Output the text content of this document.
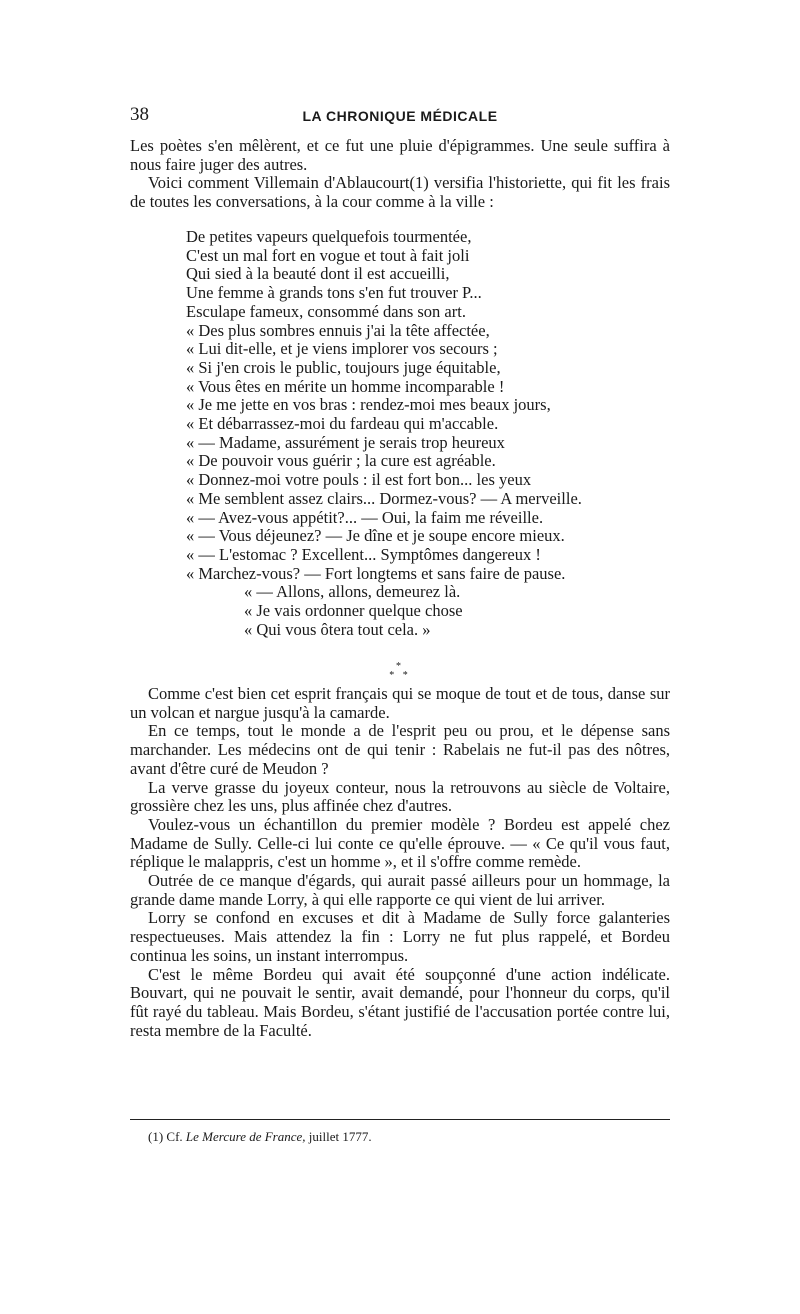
38	LA CHRONIQUE MÉDICALE

Les poètes s'en mêlèrent, et ce fut une pluie d'épigrammes. Une seule suffira à nous faire juger des autres.

Voici comment Villemain d'Ablaucourt(1) versifia l'historiette, qui fit les frais de toutes les conversations, à la cour comme à la ville :

De petites vapeurs quelquefois tourmentée,

C'est un mal fort en vogue et tout à fait joli

Qui sied à la beauté dont il est accueilli,

Une femme à grands tons s'en fut trouver P...

Esculape fameux, consommé dans son art.

« Des plus sombres ennuis j'ai la tête affectée,

« Lui dit-elle, et je viens implorer vos secours ;

« Si j'en crois le public, toujours juge équitable,

« Vous êtes en mérite un homme incomparable !

« Je me jette en vos bras : rendez-moi mes beaux jours,

« Et débarrassez-moi du fardeau qui m'accable.

« — Madame, assurément je serais trop heureux

« De pouvoir vous guérir ; la cure est agréable.

« Donnez-moi votre pouls : il est fort bon... les yeux

« Me semblent assez clairs... Dormez-vous? — A merveille.

« — Avez-vous appétit?... — Oui, la faim me réveille.

« — Vous déjeunez? — Je dîne et je soupe encore mieux.

« — L'estomac ? Excellent... Symptômes dangereux !

« Marchez-vous? — Fort longtems et sans faire de pause.

« — Allons, allons, demeurez là.

« Je vais ordonner quelque chose

« Qui vous ôtera tout cela. »

*
* *

Comme c'est bien cet esprit français qui se moque de tout et de tous, danse sur un volcan et nargue jusqu'à la camarde.

En ce temps, tout le monde a de l'esprit peu ou prou, et le dépense sans marchander. Les médecins ont de qui tenir : Rabelais ne fut-il pas des nôtres, avant d'être curé de Meudon ?

La verve grasse du joyeux conteur, nous la retrouvons au siècle de Voltaire, grossière chez les uns, plus affinée chez d'autres.

Voulez-vous un échantillon du premier modèle ? Bordeu est appelé chez Madame de Sully. Celle-ci lui conte ce qu'elle éprouve. — « Ce qu'il vous faut, réplique le malappris, c'est un homme », et il s'offre comme remède.

Outrée de ce manque d'égards, qui aurait passé ailleurs pour un hommage, la grande dame mande Lorry, à qui elle rapporte ce qui vient de lui arriver.

Lorry se confond en excuses et dit à Madame de Sully force galanteries respectueuses. Mais attendez la fin : Lorry ne fut plus rappelé, et Bordeu continua les soins, un instant interrompus.

C'est le même Bordeu qui avait été soupçonné d'une action indélicate. Bouvart, qui ne pouvait le sentir, avait demandé, pour l'honneur du corps, qu'il fût rayé du tableau. Mais Bordeu, s'étant justifié de l'accusation portée contre lui, resta membre de la Faculté.

(1) Cf. Le Mercure de France, juillet 1777.
